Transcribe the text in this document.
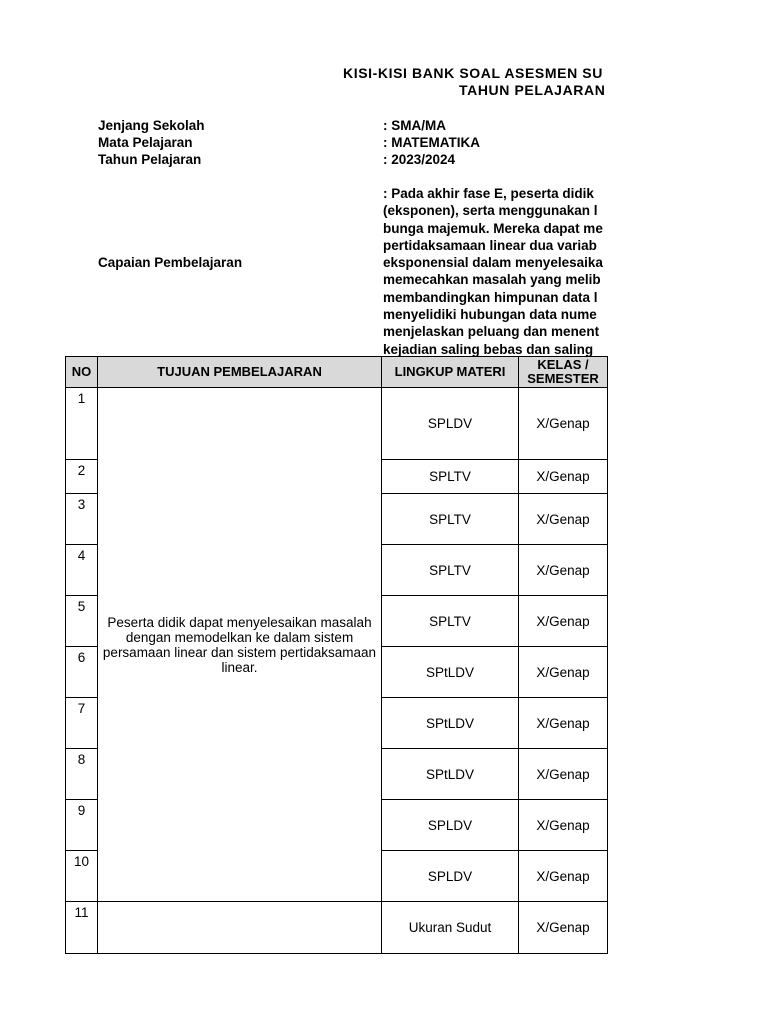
KISI-KISI BANK SOAL ASESMEN SU
TAHUN PELAJARAN
Jenjang Sekolah	: SMA/MA
Mata Pelajaran	: MATEMATIKA
Tahun Pelajaran	: 2023/2024
Capaian Pembelajaran
: Pada akhir fase E, peserta didik
(eksponen), serta menggunakan l
bunga majemuk. Mereka dapat me
pertidaksamaan linear dua variab
eksponensial dalam menyelesaika
memecahkan masalah yang melib
membandingkan himpunan data l
menyelidiki hubungan data nume
menjelaskan peluang dan menent
kejadian saling bebas dan saling
NO	TUJUAN PEMBELAJARAN	LINGKUP MATERI	KELAS /
SEMESTER

1	Peserta didik dapat menyelesaikan masalah dengan memodelkan ke dalam sistem persamaan linear dan sistem pertidaksamaan linear.	SPLDV	X/Genap
2		SPLTV	X/Genap
3		SPLTV	X/Genap
4		SPLTV	X/Genap
5		SPLTV	X/Genap
6		SPtLDV	X/Genap
7		SPtLDV	X/Genap
8		SPtLDV	X/Genap
9		SPLDV	X/Genap
10		SPLDV	X/Genap
11		Ukuran Sudut	X/Genap
